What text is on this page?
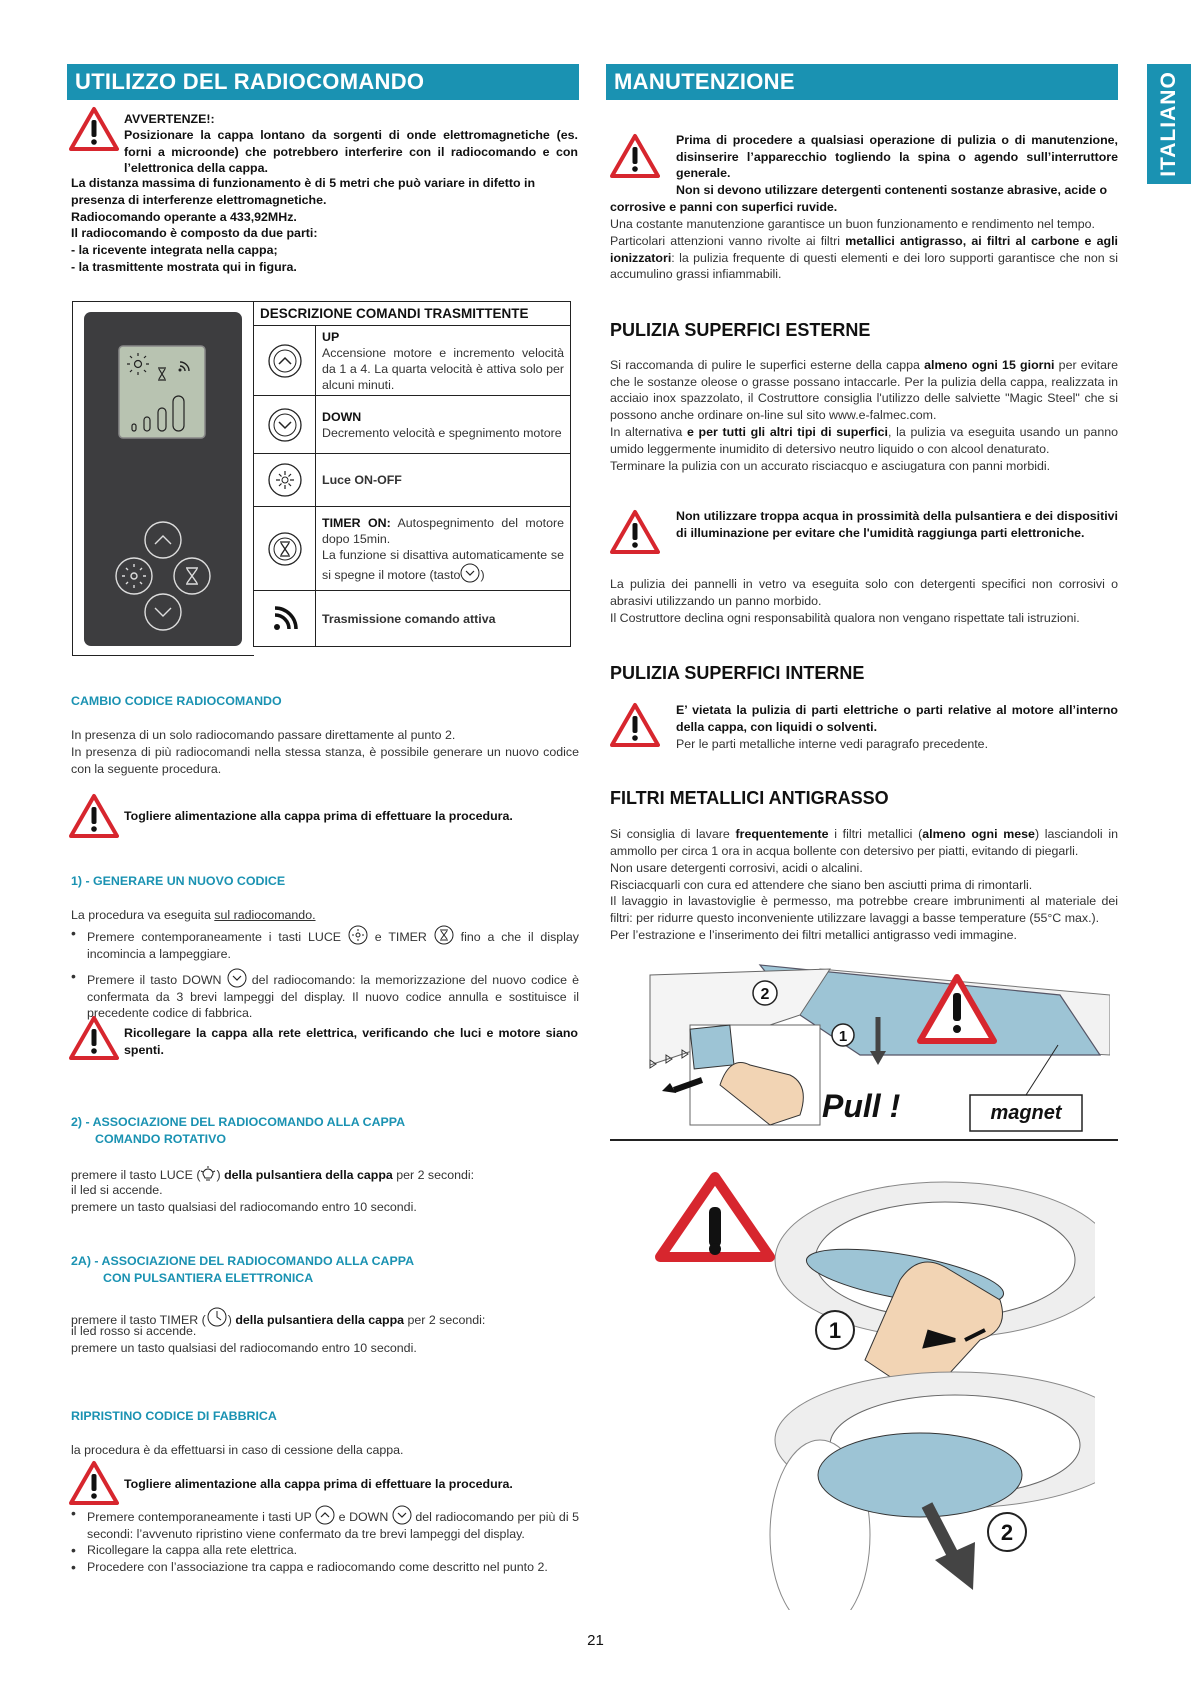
ITALIANO
UTILIZZO DEL RADIOCOMANDO
AVVERTENZE!:
Posizionare la cappa lontano da sorgenti di onde elettromagnetiche (es. forni a microonde) che potrebbero interferire con il radiocomando e con l’elettronica della cappa.
La distanza massima di funzionamento è di 5 metri che può variare in difetto in presenza di interferenze elettromagnetiche.
Radiocomando operante a 433,92MHz.
Il radiocomando è composto da due parti:
- la ricevente integrata nella cappa;
- la trasmittente mostrata qui in figura.
DESCRIZIONE COMANDI TRASMITTENTE	

UP
Accensione motore e incremento velocità da 1 a 4. La quarta velocità è attiva solo per alcuni minuti.

DOWN
Decremento velocità e spegnimento motore

	Luce ON-OFF

TIMER ON: Autospegnimento del motore dopo 15min.
La funzione si disattiva automaticamente se si spegne il motore (tasto )

	Trasmissione comando attiva
CAMBIO CODICE RADIOCOMANDO
In presenza di un solo radiocomando passare direttamente al punto 2.
In presenza di più radiocomandi nella stessa stanza, è possibile generare un nuovo codice con la seguente procedura.
Togliere alimentazione alla cappa prima di effettuare la procedura.
1) - GENERARE UN NUOVO CODICE
La procedura va eseguita sul radiocomando.
• Premere contemporaneamente i tasti LUCE	e TIMER	fino a che il display incomincia a lampeggiare.
• Premere il tasto DOWN del radiocomando: la memorizzazione del nuovo codice è confermata da 3 brevi lampeggi del display. Il nuovo codice annulla e sostituisce il precedente codice di fabbrica.
Ricollegare la cappa alla rete elettrica, verificando che luci e motore siano spenti.
2) - ASSOCIAZIONE DEL RADIOCOMANDO ALLA CAPPA
COMANDO ROTATIVO
premere il tasto LUCE ( ) della pulsantiera della cappa per 2 secondi:
il led si accende.
premere un tasto qualsiasi del radiocomando entro 10 secondi.
2A) - ASSOCIAZIONE DEL RADIOCOMANDO ALLA CAPPA
CON PULSANTIERA ELETTRONICA
premere il tasto TIMER ( ) della pulsantiera della cappa per 2 secondi:
il led rosso si accende.
premere un tasto qualsiasi del radiocomando entro 10 secondi.
RIPRISTINO CODICE DI FABBRICA
la procedura è da effettuarsi in caso di cessione della cappa.
Togliere alimentazione alla cappa prima di effettuare la procedura.
• Premere contemporaneamente i tasti UP e DOWN del radiocomando per più di 5 secondi: l’avvenuto ripristino viene confermato da tre brevi lampeggi del display.
• Ricollegare la cappa alla rete elettrica.
• Procedere con l’associazione tra cappa e radiocomando come descritto nel punto 2.
MANUTENZIONE
Prima di procedere a qualsiasi operazione di pulizia o di manutenzione, disinserire l’apparecchio togliendo la spina o agendo sull’interruttore generale.
Non si devono utilizzare detergenti contenenti sostanze abrasive, acide o corrosive e panni con superfici ruvide.
Una costante manutenzione garantisce un buon funzionamento e rendimento nel tempo.
Particolari attenzioni vanno rivolte ai filtri metallici antigrasso, ai filtri al carbone e agli ionizzatori: la pulizia frequente di questi elementi e dei loro supporti garantisce che non si accumulino grassi infiammabili.
PULIZIA SUPERFICI ESTERNE
Si raccomanda di pulire le superfici esterne della cappa almeno ogni 15 giorni per evitare che le sostanze oleose o grasse possano intaccarle. Per la pulizia della cappa, realizzata in acciaio inox spazzolato, il Costruttore consiglia l'utilizzo delle salviette "Magic Steel" che si possono anche ordinare on-line sul sito www.e-falmec.com.
In alternativa e per tutti gli altri tipi di superfici, la pulizia va eseguita usando un panno umido leggermente inumidito di detersivo neutro liquido o con alcool denaturato.
Terminare la pulizia con un accurato risciacquo e asciugatura con panni morbidi.
Non utilizzare troppa acqua in prossimità della pulsantiera e dei dispositivi di illuminazione per evitare che l'umidità raggiunga parti elettroniche.
La pulizia dei pannelli in vetro va eseguita solo con detergenti specifici non corrosivi o abrasivi utilizzando un panno morbido.
Il Costruttore declina ogni responsabilità qualora non vengano rispettate tali istruzioni.
PULIZIA SUPERFICI INTERNE
E’ vietata la pulizia di parti elettriche o parti relative al motore all’interno della cappa, con liquidi o solventi.
Per le parti metalliche interne vedi paragrafo precedente.
FILTRI METALLICI ANTIGRASSO
Si consiglia di lavare frequentemente i filtri metallici (almeno ogni mese) lasciandoli in ammollo per circa 1 ora in acqua bollente con detersivo per piatti, evitando di piegarli.
Non usare detergenti corrosivi, acidi o alcalini.
Risciacquarli con cura ed attendere che siano ben asciutti prima di rimontarli.
Il lavaggio in lavastoviglie è permesso, ma potrebbe creare imbrunimenti al materiale dei filtri: per ridurre questo inconveniente utilizzare lavaggi a basse temperature (55°C max.).
Per l’estrazione e l’inserimento dei filtri metallici antigrasso vedi immagine.
2
1
Pull !	magnet
1
2
21
